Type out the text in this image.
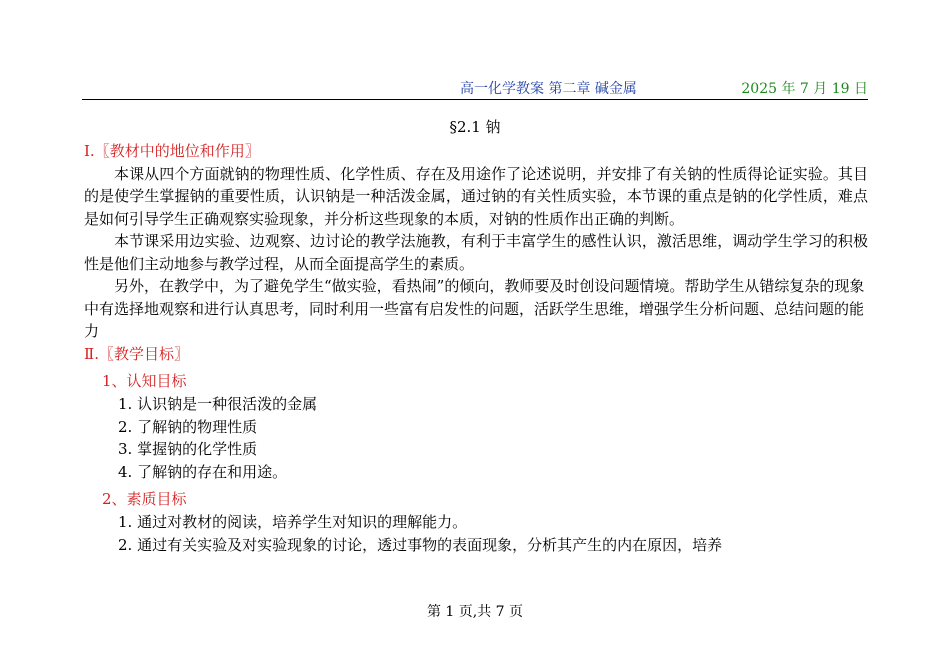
高一化学教案 第二章 碱金属	2025 年 7 月 19 日
§2.1 钠
Ⅰ.〖教材中的地位和作用〗
本课从四个方面就钠的物理性质、化学性质、存在及用途作了论述说明，并安排了有关钠的性质得论证实验。其目的是使学生掌握钠的重要性质，认识钠是一种活泼金属，通过钠的有关性质实验，本节课的重点是钠的化学性质，难点是如何引导学生正确观察实验现象，并分析这些现象的本质，对钠的性质作出正确的判断。
本节课采用边实验、边观察、边讨论的教学法施教，有利于丰富学生的感性认识，激活思维，调动学生学习的积极性是他们主动地参与教学过程，从而全面提高学生的素质。
另外，在教学中，为了避免学生“做实验，看热闹”的倾向，教师要及时创设问题情境。帮助学生从错综复杂的现象中有选择地观察和进行认真思考，同时利用一些富有启发性的问题，活跃学生思维，增强学生分析问题、总结问题的能力
Ⅱ.〖教学目标〗
1、认知目标
1. 认识钠是一种很活泼的金属
2. 了解钠的物理性质
3. 掌握钠的化学性质
4. 了解钠的存在和用途。
2、素质目标
1. 通过对教材的阅读，培养学生对知识的理解能力。
2. 通过有关实验及对实验现象的讨论，透过事物的表面现象，分析其产生的内在原因，培养
第 1 页,共 7 页
